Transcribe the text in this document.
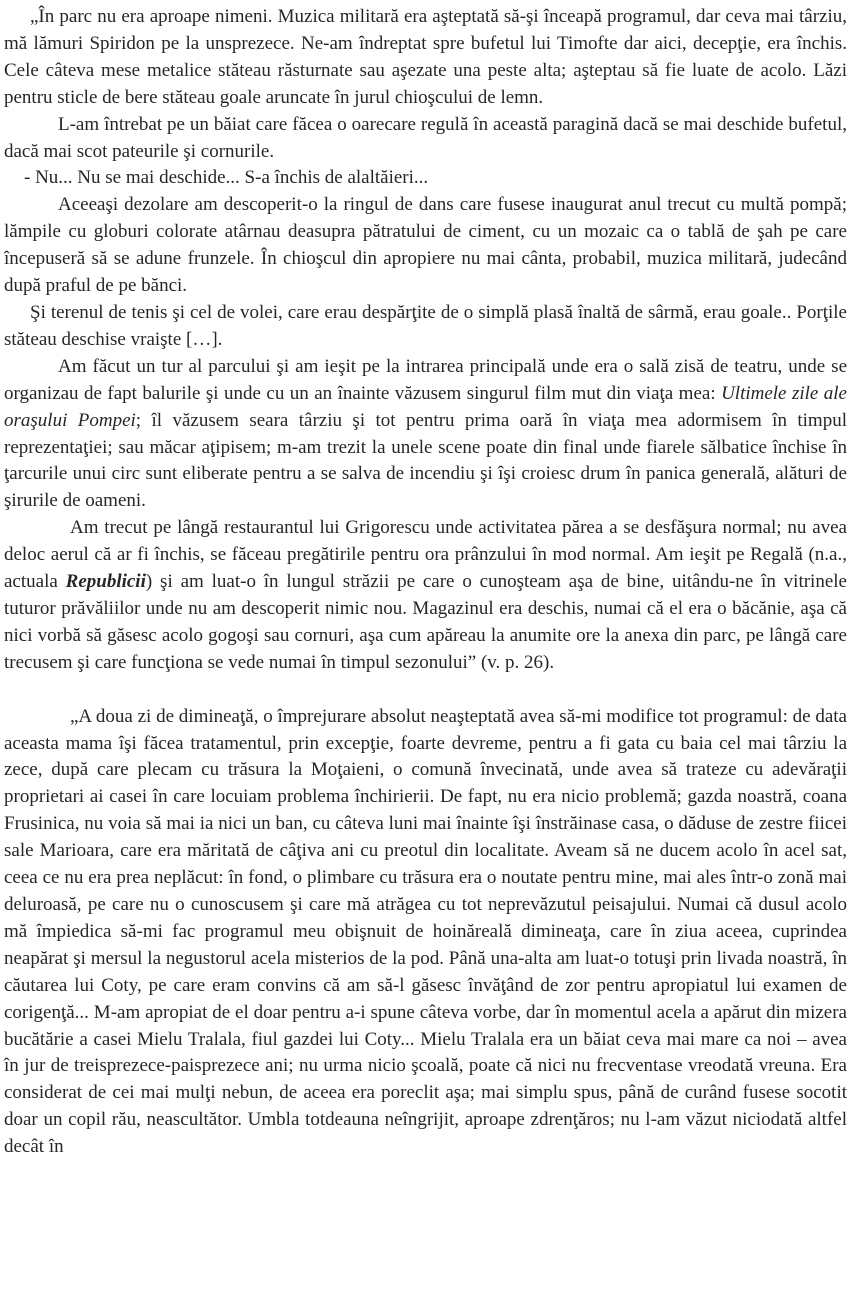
„În parc nu era aproape nimeni. Muzica militară era aşteptată să-şi înceapă programul, dar ceva mai târziu, mă lămuri Spiridon pe la unsprezece. Ne-am îndreptat spre bufetul lui Timofte dar aici, decepţie, era închis. Cele câteva mese metalice stăteau răsturnate sau aşezate una peste alta; aşteptau să fie luate de acolo. Lăzi pentru sticle de bere stăteau goale aruncate în jurul chioşcului de lemn.

L-am întrebat pe un băiat care făcea o oarecare regulă în această paragină dacă se mai deschide bufetul, dacă mai scot pateurile şi cornurile.

- Nu... Nu se mai deschide... S-a închis de alaltăieri...

Aceeaşi dezolare am descoperit-o la ringul de dans care fusese inaugurat anul trecut cu multă pompă; lămpile cu globuri colorate atârnau deasupra pătratului de ciment, cu un mozaic ca o tablă de şah pe care începuseră să se adune frunzele. În chioşcul din apropiere nu mai cânta, probabil, muzica militară, judecând după praful de pe bănci.

Şi terenul de tenis şi cel de volei, care erau despărţite de o simplă plasă înaltă de sârmă, erau goale.. Porţile stăteau deschise vraişte […].

Am făcut un tur al parcului şi am ieşit pe la intrarea principală unde era o sală zisă de teatru, unde se organizau de fapt balurile şi unde cu un an înainte văzusem singurul film mut din viaţa mea: Ultimele zile ale oraşului Pompei; îl văzusem seara târziu şi tot pentru prima oară în viaţa mea adormisem în timpul reprezentaţiei; sau măcar aţipisem; m-am trezit la unele scene poate din final unde fiarele sălbatice închise în ţarcurile unui circ sunt eliberate pentru a se salva de incendiu şi îşi croiesc drum în panica generală, alături de şirurile de oameni.

Am trecut pe lângă restaurantul lui Grigorescu unde activitatea părea a se desfăşura normal; nu avea deloc aerul că ar fi închis, se făceau pregătirile pentru ora prânzului în mod normal. Am ieşit pe Regală (n.a., actuala Republicii) şi am luat-o în lungul străzii pe care o cunoşteam aşa de bine, uitându-ne în vitrinele tuturor prăvăliilor unde nu am descoperit nimic nou. Magazinul era deschis, numai că el era o băcănie, aşa că nici vorbă să găsesc acolo gogoşi sau cornuri, aşa cum apăreau la anumite ore la anexa din parc, pe lângă care trecusem şi care funcţiona se vede numai în timpul sezonului” (v. p. 26).

„A doua zi de dimineaţă, o împrejurare absolut neaşteptată avea să-mi modifice tot programul: de data aceasta mama îşi făcea tratamentul, prin excepţie, foarte devreme, pentru a fi gata cu baia cel mai târziu la zece, după care plecam cu trăsura la Moţaieni, o comună învecinată, unde avea să trateze cu adevăraţii proprietari ai casei în care locuiam problema închirierii. De fapt, nu era nicio problemă; gazda noastră, coana Frusinica, nu voia să mai ia nici un ban, cu câteva luni mai înainte îşi înstrăinase casa, o dăduse de zestre fiicei sale Marioara, care era măritată de câţiva ani cu preotul din localitate. Aveam să ne ducem acolo în acel sat, ceea ce nu era prea neplăcut: în fond, o plimbare cu trăsura era o noutate pentru mine, mai ales într-o zonă mai deluroasă, pe care nu o cunoscusem şi care mă atrăgea cu tot neprevăzutul peisajului. Numai că dusul acolo mă împiedica să-mi fac programul meu obişnuit de hoinăreală dimineaţa, care în ziua aceea, cuprindea neapărat şi mersul la negustorul acela misterios de la pod. Până una-alta am luat-o totuşi prin livada noastră, în căutarea lui Coty, pe care eram convins că am să-l găsesc învăţând de zor pentru apropiatul lui examen de corigenţă... M-am apropiat de el doar pentru a-i spune câteva vorbe, dar în momentul acela a apărut din mizera bucătărie a casei Mielu Tralala, fiul gazdei lui Coty... Mielu Tralala era un băiat ceva mai mare ca noi – avea în jur de treisprezece-paisprezece ani; nu urma nicio şcoală, poate că nici nu frecventase vreodată vreuna. Era considerat de cei mai mulţi nebun, de aceea era poreclit aşa; mai simplu spus, până de curând fusese socotit doar un copil rău, neascultător. Umbla totdeauna neîngrijit, aproape zdrenţăros; nu l-am văzut niciodată altfel decât în
